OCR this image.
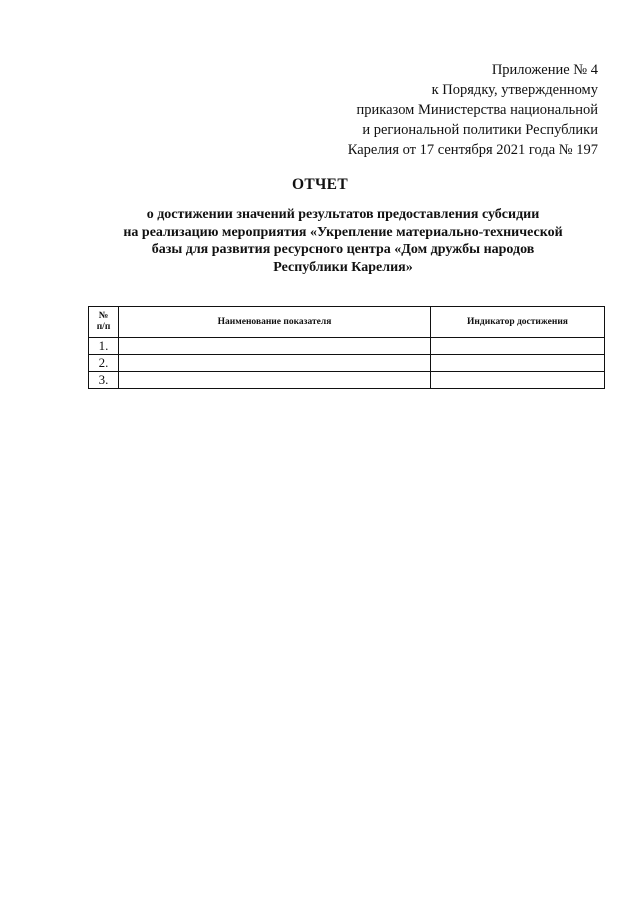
Приложение № 4
к Порядку, утвержденному
приказом Министерства национальной
и региональной политики Республики
Карелия от 17 сентября 2021 года № 197
ОТЧЕТ
о достижении значений результатов предоставления субсидии
на реализацию мероприятия «Укрепление материально-технической
базы для развития ресурсного центра «Дом дружбы народов
Республики Карелия»
№
п/п	Наименование показателя	Индикатор достижения
1.		
2.		
3.		
